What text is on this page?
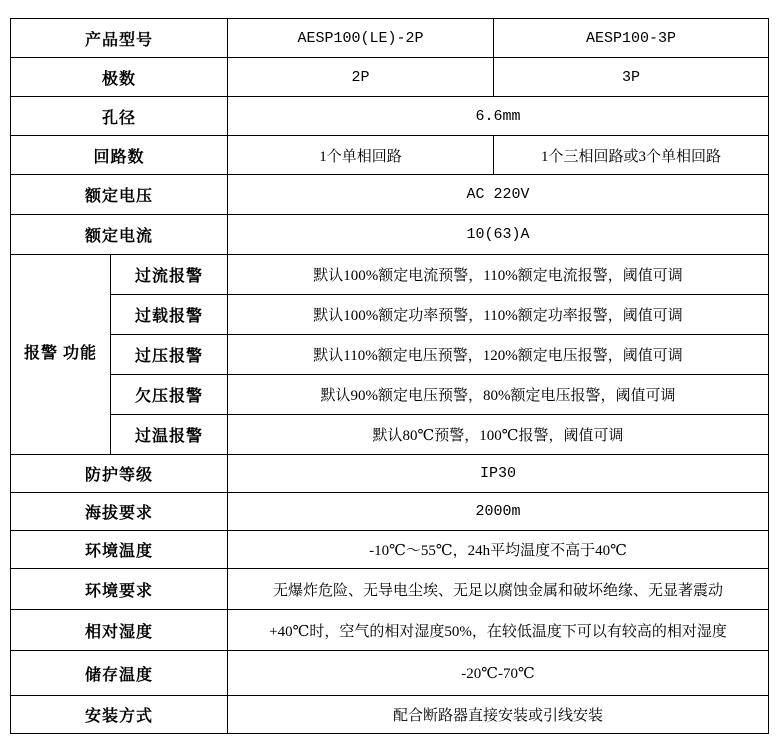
产品型号		AESP100(LE)-2P	AESP100-3P
极数		2P	3P
孔径		6.6mm	
回路数		1个单相回路	1个三相回路或3个单相回路
额定电压		AC 220V	
额定电流		10(63)A	
报警 功能	过流报警	默认100%额定电流预警，110%额定电流报警，阈值可调	
	过载报警	默认100%额定功率预警，110%额定功率报警，阈值可调	
	过压报警	默认110%额定电压预警，120%额定电压报警，阈值可调	
	欠压报警	默认90%额定电压预警，80%额定电压报警，阈值可调	
	过温报警	默认80℃预警，100℃报警，阈值可调	
防护等级		IP30	
海拔要求		2000m	
环境温度		-10℃～55℃，24h平均温度不高于40℃	
环境要求		无爆炸危险、无导电尘埃、无足以腐蚀金属和破坏绝缘、无显著震动	
相对湿度		+40℃时，空气的相对湿度50%，在较低温度下可以有较高的相对湿度	
储存温度		-20℃-70℃	
安装方式		配合断路器直接安装或引线安装	
